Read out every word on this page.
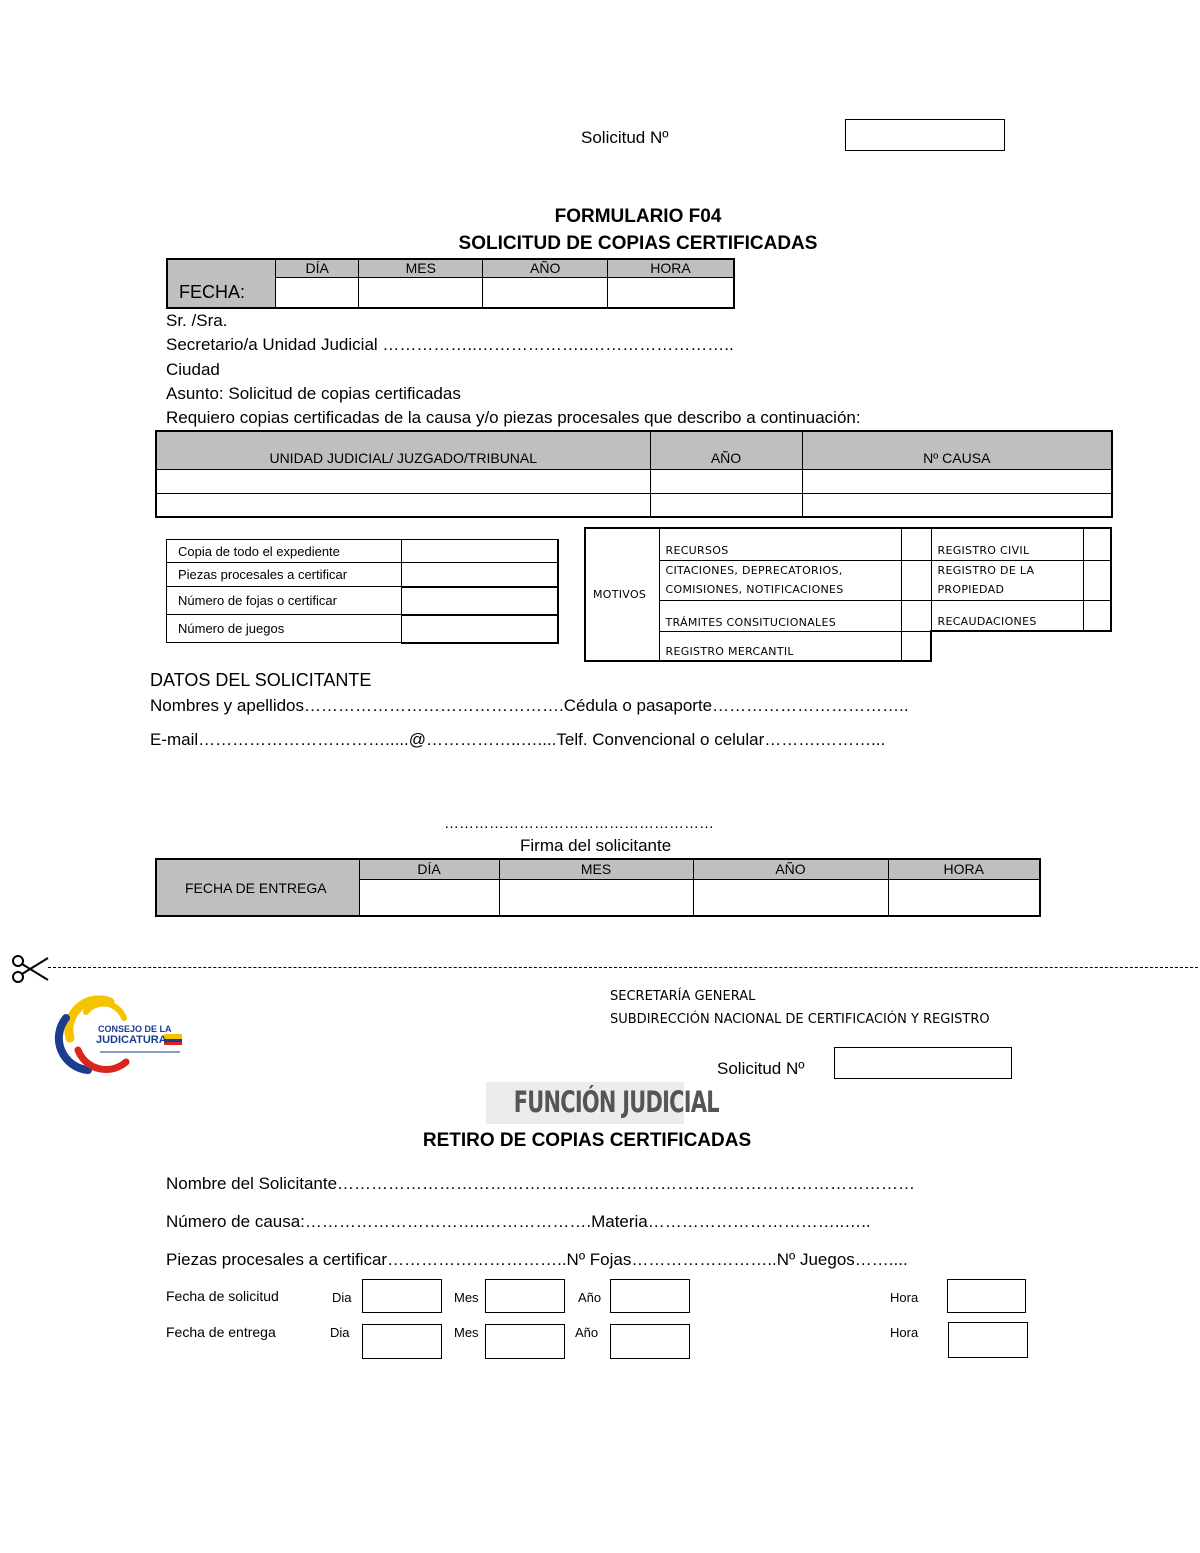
Solicitud Nº
FORMULARIO F04
SOLICITUD DE COPIAS CERTIFICADAS
FECHA:	DÍA	MES	AÑO	HORA

Sr. /Sra.
Secretario/a Unidad Judicial ……………..………………..……………………..
Ciudad
Asunto: Solicitud de copias certificadas
Requiero copias certificadas de la causa y/o piezas procesales que describo a continuación:
UNIDAD JUDICIAL/ JUZGADO/TRIBUNAL	AÑO	Nº CAUSA

Copia de todo el expediente	
Piezas procesales a certificar	
Número de fojas o certificar	
Número de juegos	
MOTIVOS	RECURSOS		REGISTRO CIVIL	
	CITACIONES, DEPRECATORIOS, COMISIONES, NOTIFICACIONES		REGISTRO DE LA PROPIEDAD	
	TRÁMITES CONSITUCIONALES		RECAUDACIONES	
	REGISTRO MERCANTIL			
DATOS DEL SOLICITANTE
Nombres y apellidos……………………………………….Cédula o pasaporte……………………………..
E-mail…………………………….....@……………..…....Telf. Convencional o celular……….………...
………………………………………………
Firma del solicitante
FECHA DE ENTREGA	DÍA	MES	AÑO	HORA

CONSEJO DE LA
JUDICATURA
SECRETARÍA GENERAL
SUBDIRECCIÓN NACIONAL DE CERTIFICACIÓN Y REGISTRO
Solicitud Nº
FUNCIÓN JUDICIAL
RETIRO DE COPIAS CERTIFICADAS
Nombre del Solicitante…………………………………………………………………………………………
Número de causa:…………………………..……………….Materia……………………………..…..
Piezas procesales a certificar…………………………..Nº Fojas……………………..Nº Juegos……....
Fecha de solicitud	Dia	Mes	Año	Hora
Fecha de entrega	Dia	Mes	Año	Hora
